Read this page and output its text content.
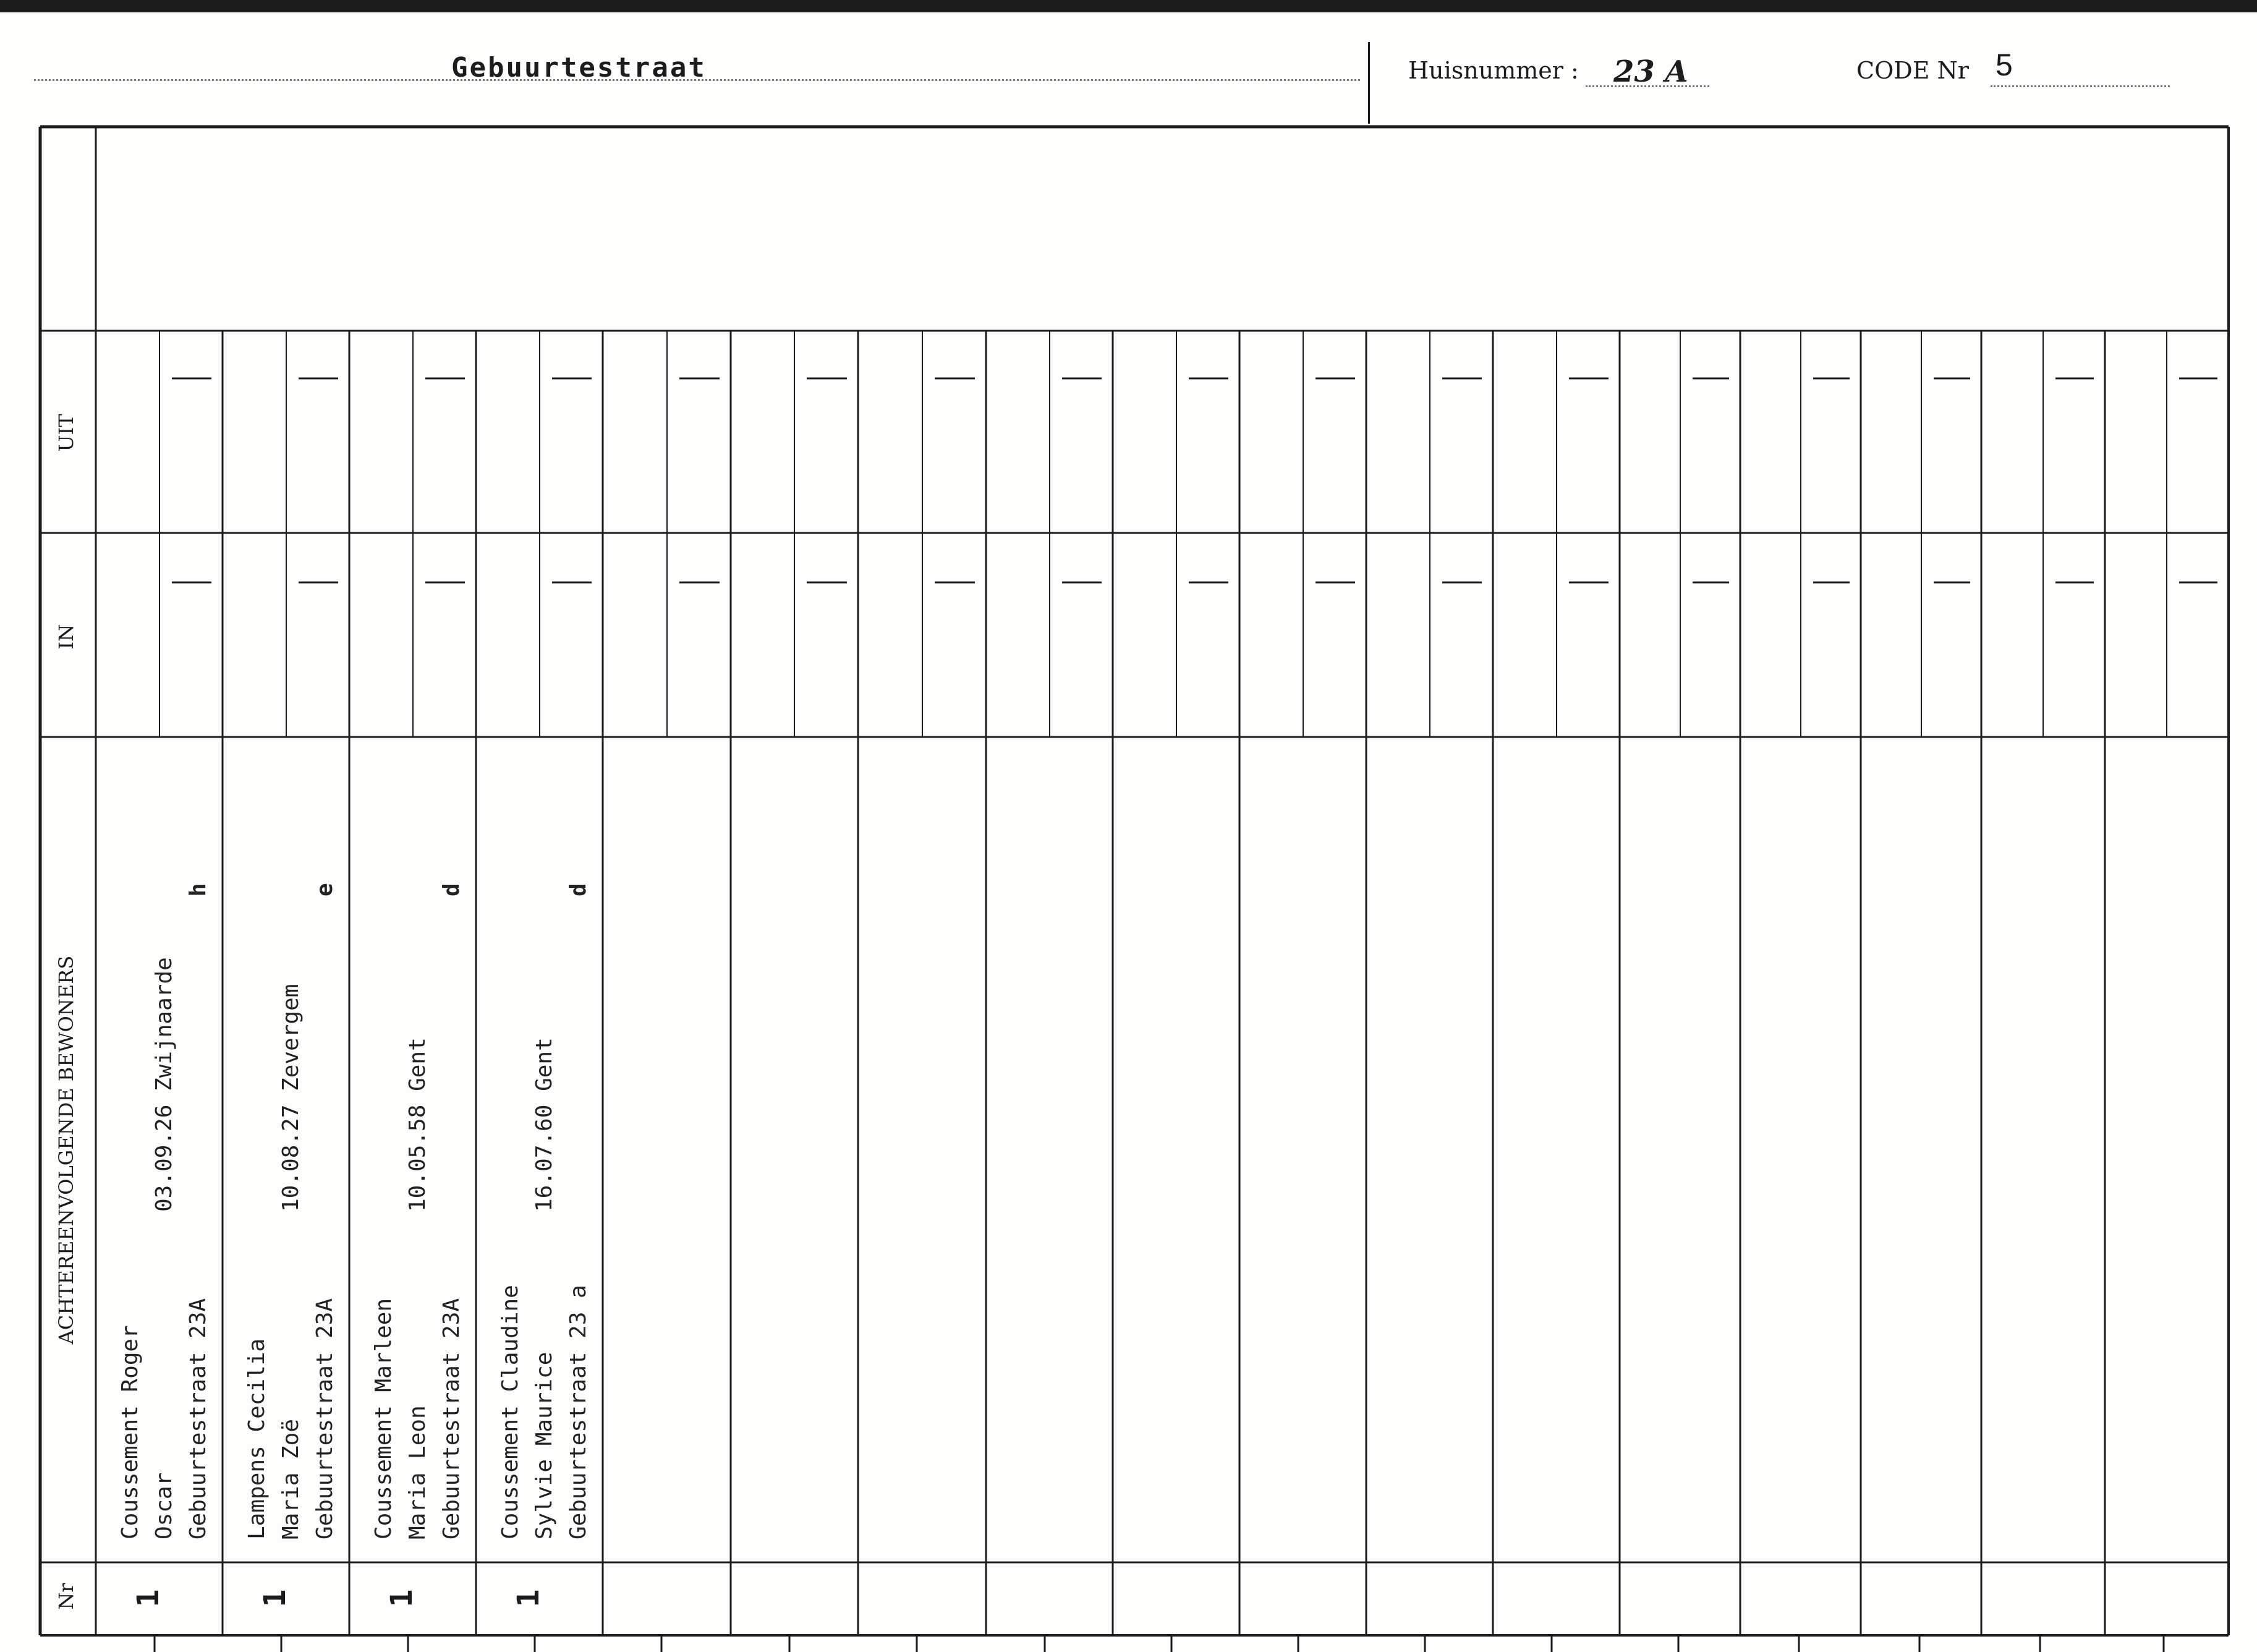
Gebuurtestraat	Huisnummer : 23 A	CODE Nr 5
UIT
IN
ACHTEREENVOLGENDE BEWONERS
Nr
Coussement Roger Oscar Gebuurtestraat 23A
03.09.26 Zwijnaarde
h
1
Lampens Cecilia Maria Zoë Gebuurtestraat 23A
10.08.27 Zevergem
e
1
Coussement Marleen Maria Leon Gebuurtestraat 23A
10.05.58 Gent
d
1
Coussement Claudine Sylvie Maurice Gebuurtestraat 23 a
16.07.60 Gent
d
1
